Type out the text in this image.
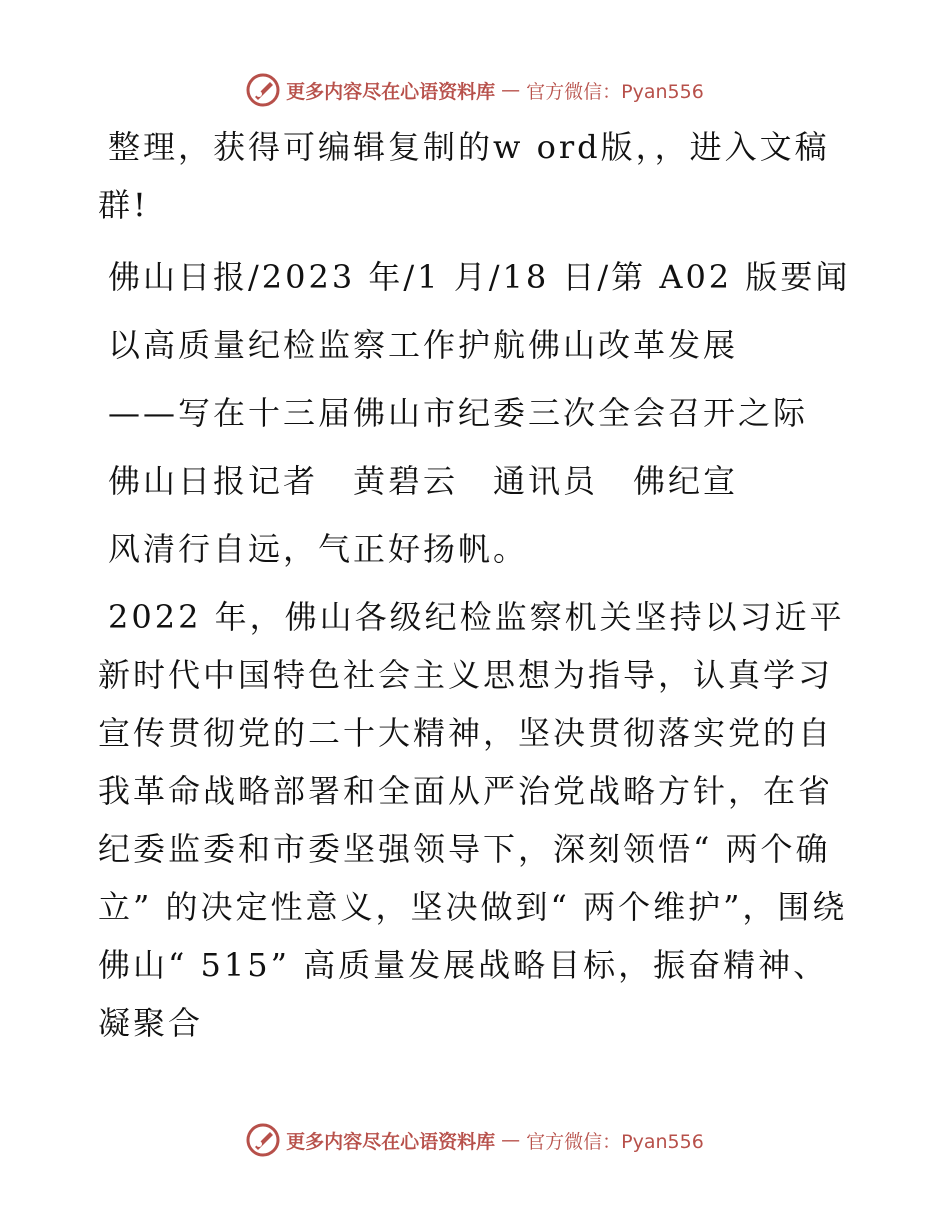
更多内容尽在心语资料库 — 官方微信：Pyan556

整理，获得可编辑复制的w ord版，，进入文稿群!

佛山日报/2023 年/1 月/18 日/第 A02 版要闻

以高质量纪检监察工作护航佛山改革发展

——写在十三届佛山市纪委三次全会召开之际

佛山日报记者　黄碧云　通讯员　佛纪宣

风清行自远，气正好扬帆。

2022 年，佛山各级纪检监察机关坚持以习近平新时代中国特色社会主义思想为指导，认真学习宣传贯彻党的二十大精神，坚决贯彻落实党的自我革命战略部署和全面从严治党战略方针，在省纪委监委和市委坚强领导下，深刻领悟“ 两个确立” 的决定性意义，坚决做到“ 两个维护”，围绕佛山“ 515” 高质量发展战略目标，振奋精神、凝聚合

更多内容尽在心语资料库 — 官方微信：Pyan556
